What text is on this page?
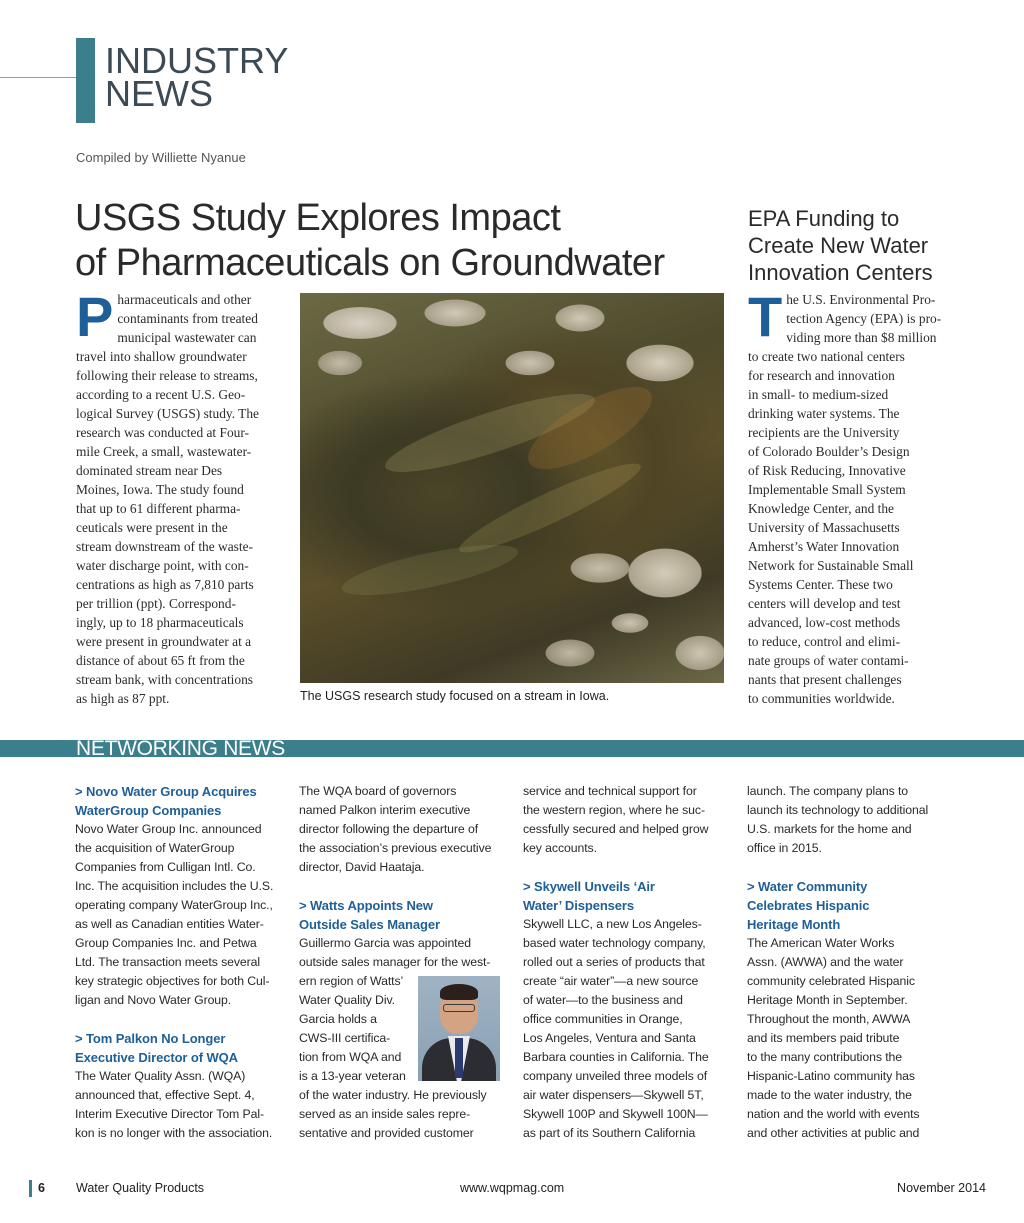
INDUSTRY
NEWS
Compiled by Williette Nyanue
USGS Study Explores Impact
of Pharmaceuticals on Groundwater
P harmaceuticals and other
contaminants from treated
municipal wastewater can
travel into shallow groundwater
following their release to streams,
according to a recent U.S. Geo-
logical Survey (USGS) study. The
research was conducted at Four-
mile Creek, a small, wastewater-
dominated stream near Des
Moines, Iowa. The study found
that up to 61 different pharma-
ceuticals were present in the
stream downstream of the waste-
water discharge point, with con-
centrations as high as 7,810 parts
per trillion (ppt). Correspond-
ingly, up to 18 pharmaceuticals
were present in groundwater at a
distance of about 65 ft from the
stream bank, with concentrations
as high as 87 ppt.	The USGS research study focused on a stream in Iowa.
EPA Funding to
Create New Water
Innovation Centers
T he U.S. Environmental Pro-
tection Agency (EPA) is pro-
viding more than $8 million
to create two national centers
for research and innovation
in small- to medium-sized
drinking water systems. The
recipients are the University
of Colorado Boulder’s Design
of Risk Reducing, Innovative
Implementable Small System
Knowledge Center, and the
University of Massachusetts
Amherst’s Water Innovation
Network for Sustainable Small
Systems Center. These two
centers will develop and test
advanced, low-cost methods
to reduce, control and elimi-
nate groups of water contami-
nants that present challenges
to communities worldwide.
NETWORKING NEWS
> Novo Water Group Acquires
WaterGroup Companies
Novo Water Group Inc. announced
the acquisition of WaterGroup
Companies from Culligan Intl. Co.
Inc. The acquisition includes the U.S.
operating company WaterGroup Inc.,
as well as Canadian entities Water-
Group Companies Inc. and Petwa
Ltd. The transaction meets several
key strategic objectives for both Cul-
ligan and Novo Water Group.
> Tom Palkon No Longer
Executive Director of WQA
The Water Quality Assn. (WQA)
announced that, effective Sept. 4,
Interim Executive Director Tom Pal-
kon is no longer with the association.
The WQA board of governors
named Palkon interim executive
director following the departure of
the association’s previous executive
director, David Haataja.
> Watts Appoints New
Outside Sales Manager
Guillermo Garcia was appointed
outside sales manager for the west-
ern region of Watts’
Water Quality Div.
Garcia holds a
CWS-III certifica-
tion from WQA and
is a 13-year veteran
of the water industry. He previously
served as an inside sales repre-
sentative and provided customer
service and technical support for
the western region, where he suc-
cessfully secured and helped grow
key accounts.
> Skywell Unveils ‘Air
Water’ Dispensers
Skywell LLC, a new Los Angeles-
based water technology company,
rolled out a series of products that
create “air water”—a new source
of water—to the business and
office communities in Orange,
Los Angeles, Ventura and Santa
Barbara counties in California. The
company unveiled three models of
air water dispensers—Skywell 5T,
Skywell 100P and Skywell 100N—
as part of its Southern California
launch. The company plans to
launch its technology to additional
U.S. markets for the home and
office in 2015.
> Water Community
Celebrates Hispanic
Heritage Month
The American Water Works
Assn. (AWWA) and the water
community celebrated Hispanic
Heritage Month in September.
Throughout the month, AWWA
and its members paid tribute
to the many contributions the
Hispanic-Latino community has
made to the water industry, the
nation and the world with events
and other activities at public and
6 Water Quality Products	www.wqpmag.com	November 2014
